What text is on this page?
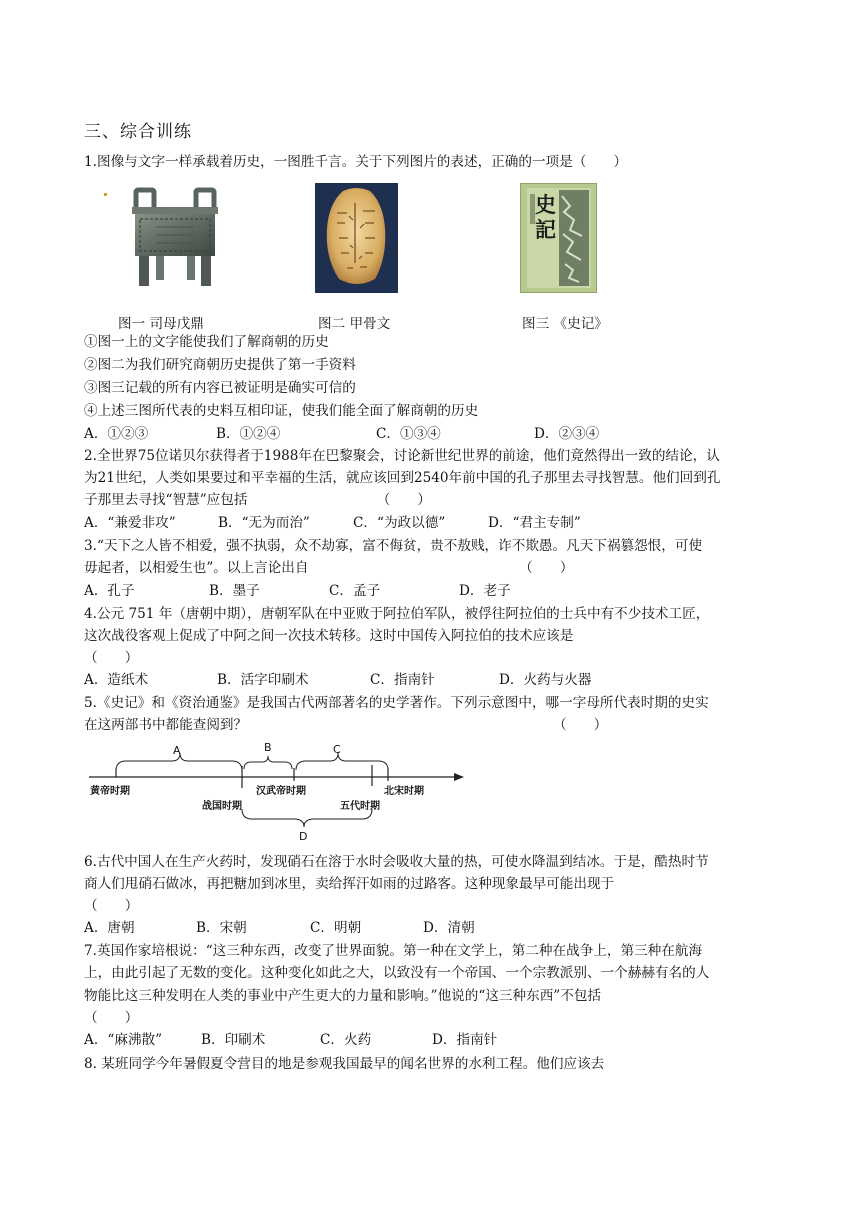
三、综合训练
1.图像与文字一样承载着历史，一图胜千言。关于下列图片的表述，正确的一项是（　　）
史記
图一 司母戊鼎	图二 甲骨文	图三 《史记》
①图一上的文字能使我们了解商朝的历史
②图二为我们研究商朝历史提供了第一手资料
③图三记载的所有内容已被证明是确实可信的
④上述三图所代表的史料互相印证，使我们能全面了解商朝的历史
A．①②③	B．①②④	C．①③④	D．②③④
2.全世界75位诺贝尔获得者于1988年在巴黎聚会，讨论新世纪世界的前途，他们竟然得出一致的结论，认
为21世纪，人类如果要过和平幸福的生活，就应该回到2540年前中国的孔子那里去寻找智慧。他们回到孔
子那里去寻找“智慧”应包括　　　　　　　　　　（　　）
A．“兼爱非攻”	B．“无为而治”	C．“为政以德”	D．“君主专制”
3.“天下之人皆不相爱，强不执弱，众不劫寡，富不侮贫，贵不敖贱，诈不欺愚。凡天下祸篡怨恨，可使
毋起者，以相爱生也”。以上言论出自　　　　　　　　　　　　　　　　（　　）
A．孔子	B．墨子	C．孟子	D．老子
4.公元 751 年（唐朝中期），唐朝军队在中亚败于阿拉伯军队，被俘往阿拉伯的士兵中有不少技术工匠，
这次战役客观上促成了中阿之间一次技术转移。这时中国传入阿拉伯的技术应该是
（　　）
A．造纸术	B．活字印刷术	C．指南针	D．火药与火器
5.《史记》和《资治通鉴》是我国古代两部著名的史学著作。下列示意图中，哪一字母所代表时期的史实
在这两部书中都能查阅到？　　　　　　　　　　　　　　　　　　　　　　　（　　）
A	B	C
D
黄帝时期
战国时期
汉武帝时期
五代时期
北宋时期
6.古代中国人在生产火药时，发现硝石在溶于水时会吸收大量的热，可使水降温到结冰。于是，酷热时节
商人们甩硝石做冰，再把糖加到冰里，卖给挥汗如雨的过路客。这种现象最早可能出现于
（　　）
A．唐朝	B．宋朝	C．明朝	D．清朝
7.英国作家培根说：“这三种东西，改变了世界面貌。第一种在文学上，第二种在战争上，第三种在航海
上，由此引起了无数的变化。这种变化如此之大，以致没有一个帝国、一个宗教派别、一个赫赫有名的人
物能比这三种发明在人类的事业中产生更大的力量和影响。”他说的“这三种东西”不包括
（　　）
A．“麻沸散”	B．印刷术	C．火药	D．指南针
8. 某班同学今年暑假夏令营目的地是参观我国最早的闻名世界的水利工程。他们应该去
